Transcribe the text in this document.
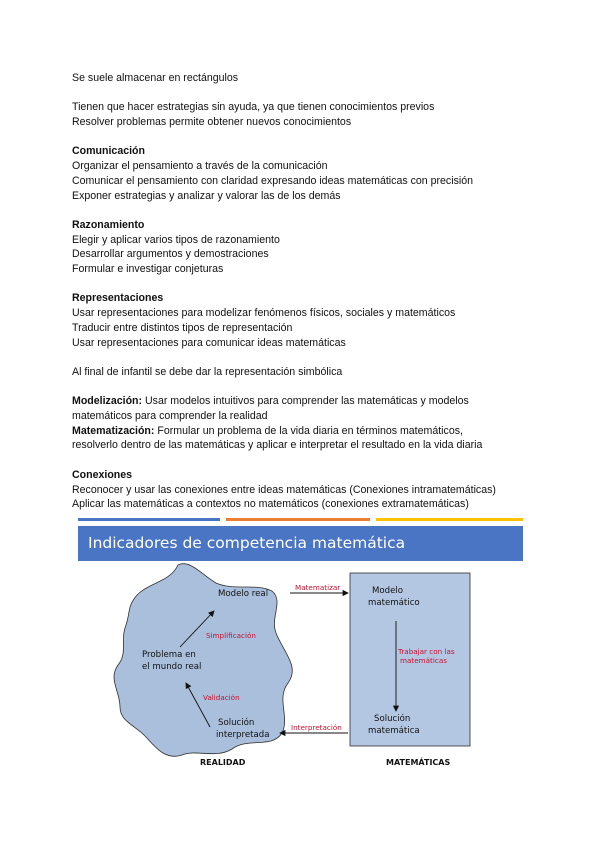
Se suele almacenar en rectángulos

Tienen que hacer estrategias sin ayuda, ya que tienen conocimientos previos

Resolver problemas permite obtener nuevos conocimientos

Comunicación

Organizar el pensamiento a través de la comunicación

Comunicar el pensamiento con claridad expresando ideas matemáticas con precisión

Exponer estrategias y analizar y valorar las de los demás

Razonamiento

Elegir y aplicar varios tipos de razonamiento

Desarrollar argumentos y demostraciones

Formular e investigar conjeturas

Representaciones

Usar representaciones para modelizar fenómenos físicos, sociales y matemáticos

Traducir entre distintos tipos de representación

Usar representaciones para comunicar ideas matemáticas

Al final de infantil se debe dar la representación simbólica

Modelización: Usar modelos intuitivos para comprender las matemáticas y modelos

matemáticos para comprender la realidad

Matematización: Formular un problema de la vida diaria en términos matemáticos,

resolverlo dentro de las matemáticas y aplicar e interpretar el resultado en la vida diaria

Conexiones

Reconocer y usar las conexiones entre ideas matemáticas (Conexiones intramatemáticas)

Aplicar las matemáticas a contextos no matemáticos (conexiones extramatemáticas)

Indicadores de competencia matemática
Modelo real
Simplificación
Problema en
el mundo real
Validación
Solución
interpretada
REALIDAD
Matematizar	Modelo
matemático
Trabajar con las
matemáticas
Solución
matemática
Interpretación
MATEMÁTICAS
